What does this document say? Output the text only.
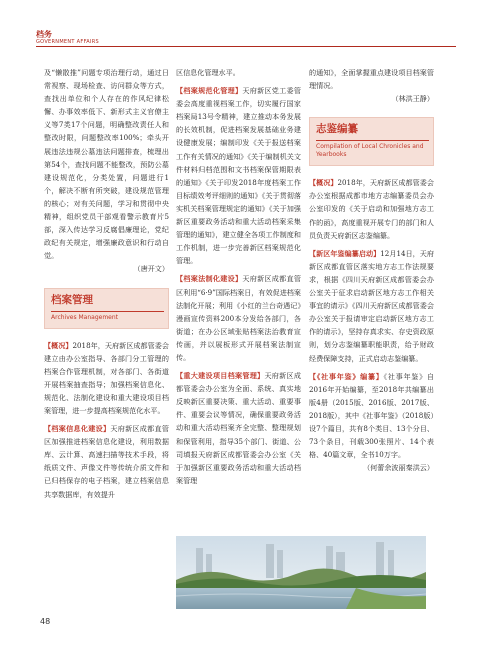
档务
GOVERNMENT AFFAIRS

及“懒散推”问题专项治理行动，通过日常视察、现场检查、访问群众等方式，查找出单位和个人存在的作风纪律松懈、办事效率低下、新形式主义官僚主义等7类17个问题，明确整改责任人和整改时限，问题整改率100%；牵头开展违法违规公墓违法问题排查，梳理出第54个，查找问题不能整改，预防公墓建设规范化，分类处置，问题进行1个，解决不断有所突破，建设规范管理的核心；对有关问题，学习和贯彻中央精神，组织党员干部观看警示教育片5部，深入传达学习反腐倡廉理论，党纪政纪有关规定，增强廉政意识和行动自觉。

（唐开文）

档案管理
Archives Management

【概况】2018年，天府新区成都管委会建立由办公室指导、各部门分工管理的档案合作管理机制，对各部门、各街道开展档案抽查指导；加强档案信息化、规范化、法制化建设和重大建设项目档案管理，进一步提高档案规范化水平。

【档案信息化建设】天府新区成都直管区加强推进档案信息化建设，利用数据库、云计算、高速扫描等技术手段，将纸质文件、声像文件等传统介质文件和已归档保存的电子档案，建立档案信息共享数据库，有效提升

区信息化管理水平。

【档案规范化管理】天府新区党工委管委会高度重视档案工作，切实履行国家档案局13号令精神，建立推动本务发展的长效机制，促进档案发展基础业务建设健康发展；编制印发《关于报送档案工作有关情况的通知》《关于编制机关文件材料归档范围和文书档案保管期限表的通知》《关于印发2018年度档案工作目标绩效考评细则的通知》《关于贯彻落实机关档案管理规定的通知》《关于加强新区重要政务活动和重大活动档案采集管理的通知》，建立健全各项工作制度和工作机制，进一步完善新区档案规范化管理。

【档案法制化建设】天府新区成都直管区利用“6·9”国际档案日，有效促进档案法制化开展；利用《小红的兰台奇遇记》漫画宣传资料200本分发给各部门，各街道；在办公区域张贴档案法治教育宣传画，并以展板形式开展档案法制宣传。

【重大建设项目档案管理】天府新区成都管委会办公室为全面、系统、真实地反映新区重要决策、重大活动、重要事件、重要会议等情况，确保重要政务活动和重大活动档案齐全完整、整理规划和保管利用，指导35个部门、街道、公司填报天府新区成都管委会办公室《关于加强新区重要政务活动和重大活动档案管理

的通知》，全面掌握重点建设项目档案管理情况。

（林洪王静）

志鉴编纂
Compilation of Local Chronicles and Yearbooks

【概况】2018年，天府新区成都管委会办公室根据成都市地方志编纂委员会办公室印发的《关于启动和加强地方志工作的函》，高度重视开展专门的部门和人员负责天府新区志鉴编纂。

【新区年鉴编纂启动】12月14日，天府新区成都直管区落实地方志工作法规要求，根据《四川天府新区成都管委会办公室关于征求启动新区地方志工作相关事宜的请示》《四川天府新区成都管委会办公室关于报请审定启动新区地方志工作的请示》，坚持存真求实、存史资政原则，划分志鉴编纂职能职责，给予财政经费保障支持，正式启动志鉴编纂。

【《社事年鉴》编纂】《社事年鉴》自2016年开始编纂，至2018年共编纂出版4册（2015版、2016版、2017版、2018版），其中《社事年鉴》（2018版）设7个篇目，共有8个类目、13个分目、73个条目，刊载300张照片、14个表格、40篇文章，全书10万字。

（何蕾余波丽秦洪云）

48
